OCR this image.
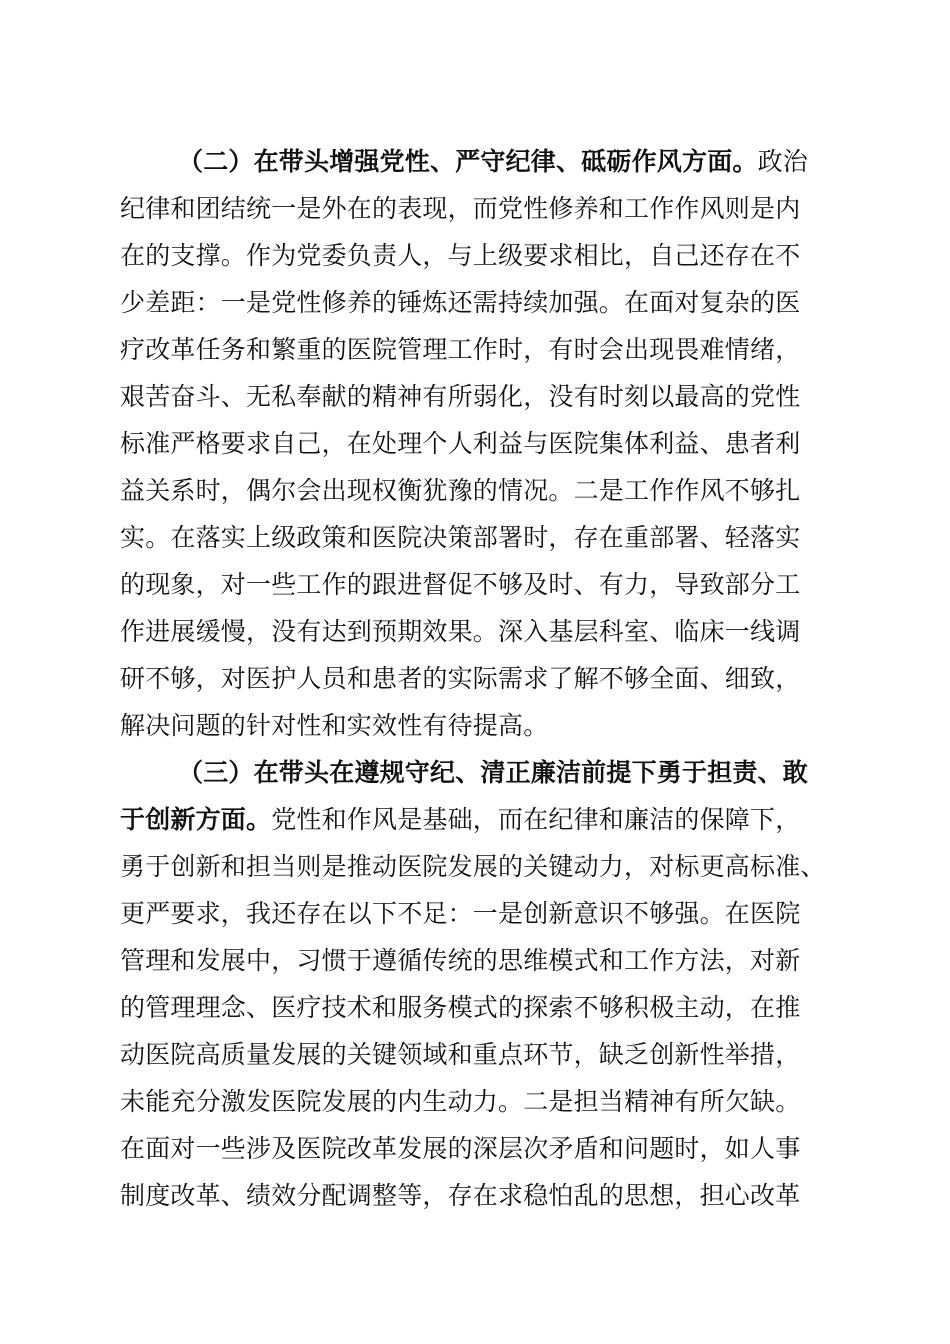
（二）在带头增强党性、严守纪律、砥砺作风方面。政治
纪律和团结统一是外在的表现，而党性修养和工作作风则是内
在的支撑。作为党委负责人，与上级要求相比，自己还存在不
少差距：一是党性修养的锤炼还需持续加强。在面对复杂的医
疗改革任务和繁重的医院管理工作时，有时会出现畏难情绪，
艰苦奋斗、无私奉献的精神有所弱化，没有时刻以最高的党性
标准严格要求自己，在处理个人利益与医院集体利益、患者利
益关系时，偶尔会出现权衡犹豫的情况。二是工作作风不够扎
实。在落实上级政策和医院决策部署时，存在重部署、轻落实
的现象，对一些工作的跟进督促不够及时、有力，导致部分工
作进展缓慢，没有达到预期效果。深入基层科室、临床一线调
研不够，对医护人员和患者的实际需求了解不够全面、细致，
解决问题的针对性和实效性有待提高。
（三）在带头在遵规守纪、清正廉洁前提下勇于担责、敢
于创新方面。党性和作风是基础，而在纪律和廉洁的保障下，
勇于创新和担当则是推动医院发展的关键动力，对标更高标准、
更严要求，我还存在以下不足：一是创新意识不够强。在医院
管理和发展中，习惯于遵循传统的思维模式和工作方法，对新
的管理理念、医疗技术和服务模式的探索不够积极主动，在推
动医院高质量发展的关键领域和重点环节，缺乏创新性举措，
未能充分激发医院发展的内生动力。二是担当精神有所欠缺。
在面对一些涉及医院改革发展的深层次矛盾和问题时，如人事
制度改革、绩效分配调整等，存在求稳怕乱的思想，担心改革
